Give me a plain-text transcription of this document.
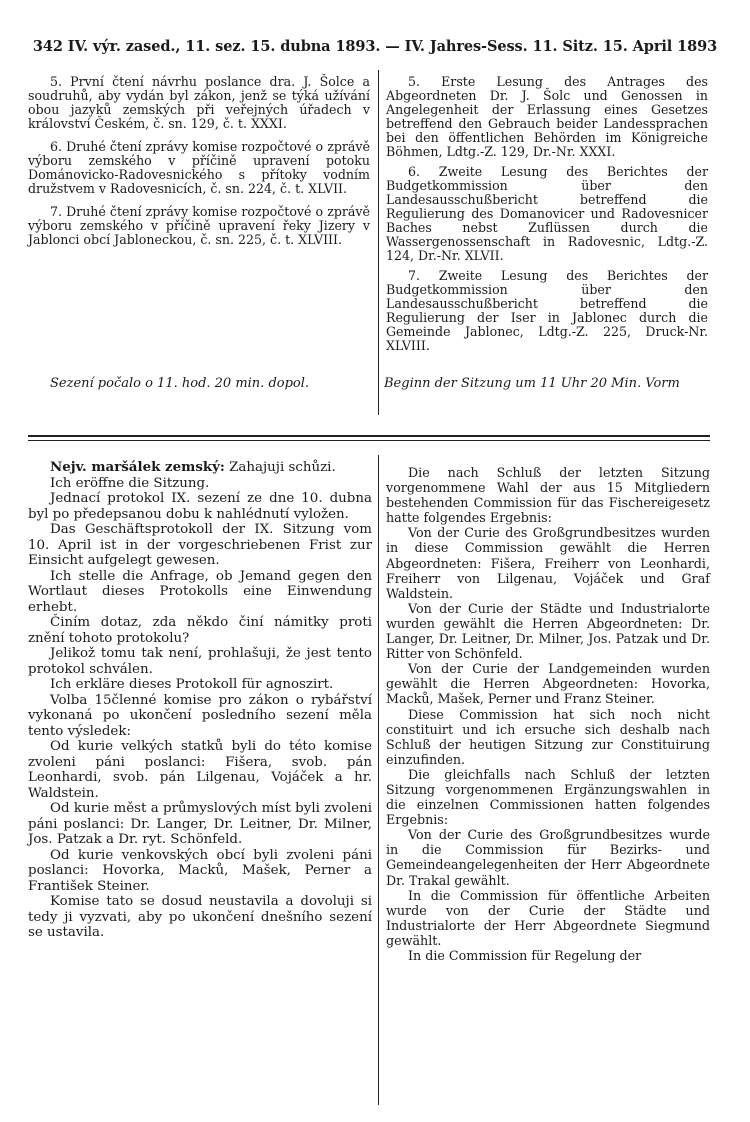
342 IV. výr. zased., 11. sez. 15. dubna 1893. — IV. Jahres-Sess. 11. Sitz. 15. April 1893

5. První čtení návrhu poslance dra. J. Šolce a soudruhů, aby vydán byl zákon, jenž se týká užívání obou jazyků zemských při veřejných úřadech v království Českém, č. sn. 129, č. t. XXXI.

6. Druhé čtení zprávy komise rozpočtové o zprávě výboru zemského v příčině upravení potoku Dománovicko-Radovesnického s přítoky vodním družstvem v Radovesnicích, č. sn. 224, č. t. XLVII.

7. Druhé čtení zprávy komise rozpočtové o zprávě výboru zemského v příčině upravení řeky Jizery v Jablonci obcí Jabloneckou, č. sn. 225, č. t. XLVIII.

5. Erste Lesung des Antrages des Abgeordneten Dr. J. Šolc und Genossen in Angelegenheit der Erlassung eines Gesetzes betreffend den Gebrauch beider Landessprachen bei den öffentlichen Behörden im Königreiche Böhmen, Ldtg.-Z. 129, Dr.-Nr. XXXI.

6. Zweite Lesung des Berichtes der Budgetkommission über den Landesausschußbericht betreffend die Regulierung des Domanovicer und Radovesnicer Baches nebst Zuflüssen durch die Wassergenossenschaft in Radovesnic, Ldtg.-Z. 124, Dr.-Nr. XLVII.

7. Zweite Lesung des Berichtes der Budgetkommission über den Landesausschußbericht betreffend die Regulierung der Iser in Jablonec durch die Gemeinde Jablonec, Ldtg.-Z. 225, Druck-Nr. XLVIII.

Sezení počalo o 11. hod. 20 min. dopol.	Beginn der Sitzung um 11 Uhr 20 Min. Vorm

Nejv. maršálek zemský: Zahajuji schůzi.

Ich eröffne die Sitzung.

Jednací protokol IX. sezení ze dne 10. dubna byl po předepsanou dobu k nahlédnutí vyložen.

Das Geschäftsprotokoll der IX. Sitzung vom 10. April ist in der vorgeschriebenen Frist zur Einsicht aufgelegt gewesen.

Ich stelle die Anfrage, ob Jemand gegen den Wortlaut dieses Protokolls eine Einwendung erhebt.

Činím dotaz, zda někdo činí námitky proti znění tohoto protokolu?

Jelikož tomu tak není, prohlašuji, že jest tento protokol schválen.

Ich erkläre dieses Protokoll für agnoszirt.

Volba 15členné komise pro zákon o rybářství vykonaná po ukončení posledního sezení měla tento výsledek:

Od kurie velkých statků byli do této komise zvoleni páni poslanci: Fišera, svob. pán Leonhardi, svob. pán Lilgenau, Vojáček a hr. Waldstein.

Od kurie měst a průmyslových míst byli zvoleni páni poslanci: Dr. Langer, Dr. Leitner, Dr. Milner, Jos. Patzak a Dr. ryt. Schönfeld.

Od kurie venkovských obcí byli zvoleni páni poslanci: Hovorka, Macků, Mašek, Perner a František Steiner.

Komise tato se dosud neustavila a dovoluji si tedy ji vyzvati, aby po ukončení dnešního sezení se ustavila.

Die nach Schluß der letzten Sitzung vorgenommene Wahl der aus 15 Mitgliedern bestehenden Commission für das Fischereigesetz hatte folgendes Ergebnis:

Von der Curie des Großgrundbesitzes wurden in diese Commission gewählt die Herren Abgeordneten: Fišera, Freiherr von Leonhardi, Freiherr von Lilgenau, Vojáček und Graf Waldstein.

Von der Curie der Städte und Industrialorte wurden gewählt die Herren Abgeordneten: Dr. Langer, Dr. Leitner, Dr. Milner, Jos. Patzak und Dr. Ritter von Schönfeld.

Von der Curie der Landgemeinden wurden gewählt die Herren Abgeordneten: Hovorka, Macků, Mašek, Perner und Franz Steiner.

Diese Commission hat sich noch nicht constituirt und ich ersuche sich deshalb nach Schluß der heutigen Sitzung zur Constituirung einzufinden.

Die gleichfalls nach Schluß der letzten Sitzung vorgenommenen Ergänzungswahlen in die einzelnen Commissionen hatten folgendes Ergebnis:

Von der Curie des Großgrundbesitzes wurde in die Commission für Bezirks- und Gemeindeangelegenheiten der Herr Abgeordnete Dr. Trakal gewählt.

In die Commission für öffentliche Arbeiten wurde von der Curie der Städte und Industrialorte der Herr Abgeordnete Siegmund gewählt.

In die Commission für Regelung der
